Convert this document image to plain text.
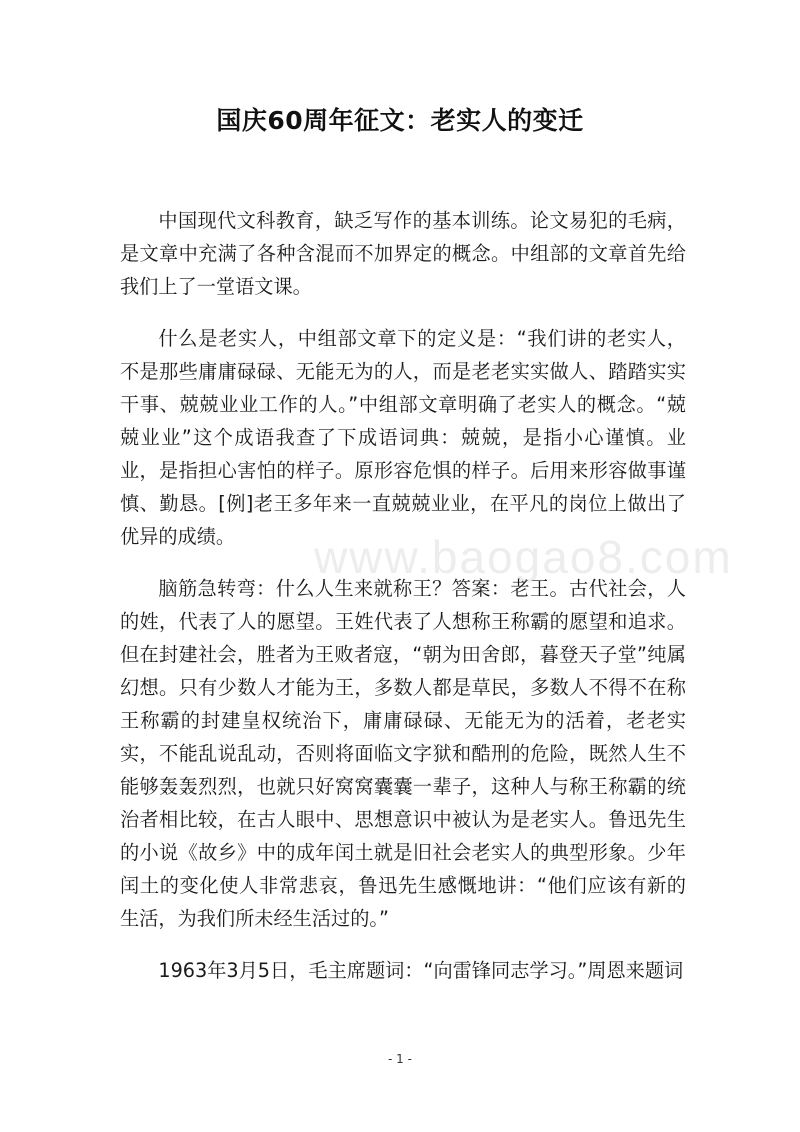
国庆60周年征文：老实人的变迁

中国现代文科教育，缺乏写作的基本训练。论文易犯的毛病，是文章中充满了各种含混而不加界定的概念。中组部的文章首先给我们上了一堂语文课。

什么是老实人，中组部文章下的定义是：“我们讲的老实人，不是那些庸庸碌碌、无能无为的人，而是老老实实做人、踏踏实实干事、兢兢业业工作的人。”中组部文章明确了老实人的概念。“兢兢业业”这个成语我查了下成语词典：兢兢，是指小心谨慎。业业，是指担心害怕的样子。原形容危惧的样子。后用来形容做事谨慎、勤恳。[例]老王多年来一直兢兢业业，在平凡的岗位上做出了优异的成绩。

脑筋急转弯：什么人生来就称王？答案：老王。古代社会，人的姓，代表了人的愿望。王姓代表了人想称王称霸的愿望和追求。但在封建社会，胜者为王败者寇，“朝为田舍郎，暮登天子堂”纯属幻想。只有少数人才能为王，多数人都是草民，多数人不得不在称王称霸的封建皇权统治下，庸庸碌碌、无能无为的活着，老老实实，不能乱说乱动，否则将面临文字狱和酷刑的危险，既然人生不能够轰轰烈烈，也就只好窝窝囊囊一辈子，这种人与称王称霸的统治者相比较，在古人眼中、思想意识中被认为是老实人。鲁迅先生的小说《故乡》中的成年闰土就是旧社会老实人的典型形象。少年闰土的变化使人非常悲哀，鲁迅先生感慨地讲：“他们应该有新的生活，为我们所未经生活过的。”

1963年3月5日，毛主席题词：“向雷锋同志学习。”周恩来题词

www.baogao8.com
- 1 -
